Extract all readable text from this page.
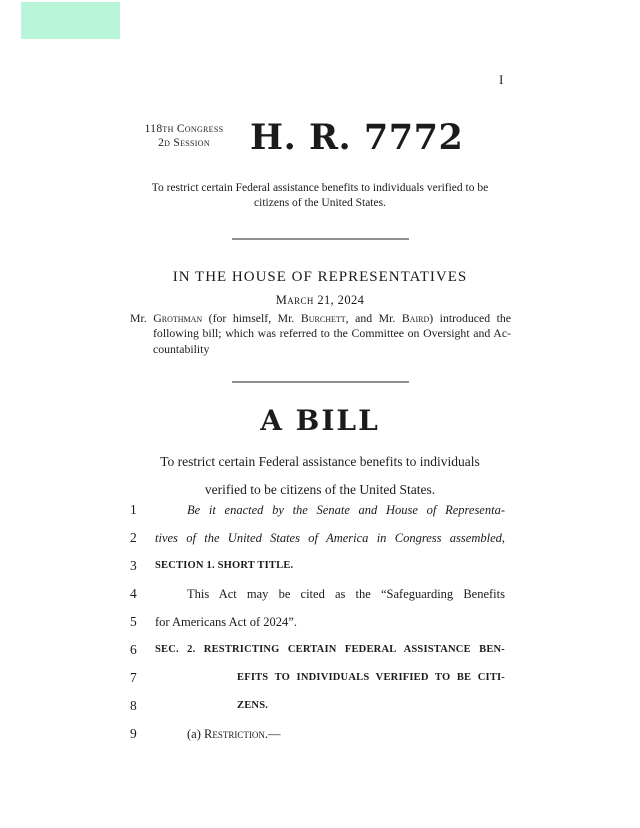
I
118th Congress
2d Session	H. R. 7772
To restrict certain Federal assistance benefits to individuals verified to be
citizens of the United States.
IN THE HOUSE OF REPRESENTATIVES
March 21, 2024
Mr. Grothman (for himself, Mr. Burchett, and Mr. Baird) introduced the
following bill; which was referred to the Committee on Oversight and Ac-
countability
A BILL
To restrict certain Federal assistance benefits to individuals
verified to be citizens of the United States.
1	Be it enacted by the Senate and House of Representa-
2	tives of the United States of America in Congress assembled,
3	SECTION 1. SHORT TITLE.
4	This Act may be cited as the “Safeguarding Benefits
5	for Americans Act of 2024”.
6	SEC. 2. RESTRICTING CERTAIN FEDERAL ASSISTANCE BEN-
7	EFITS TO INDIVIDUALS VERIFIED TO BE CITI-
8	ZENS.
9	(a) Restriction.—
